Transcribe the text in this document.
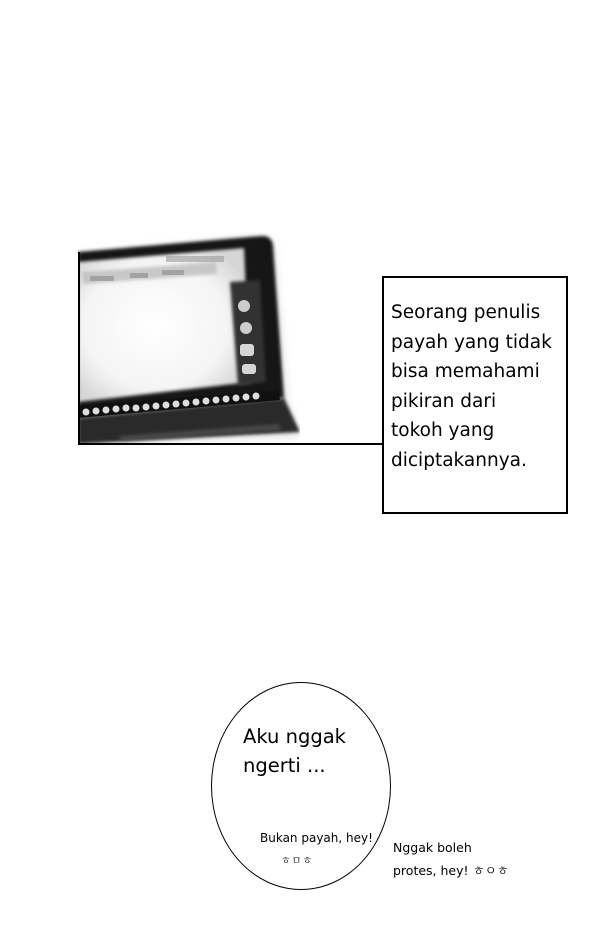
Seorang penulis
payah yang tidak
bisa memahami
pikiran dari
tokoh yang
diciptakannya.

Aku nggak
ngerti ...

Bukan payah, hey!
ㅎㅁㅎ

Nggak boleh
protes, hey! ㅎㅇㅎ
